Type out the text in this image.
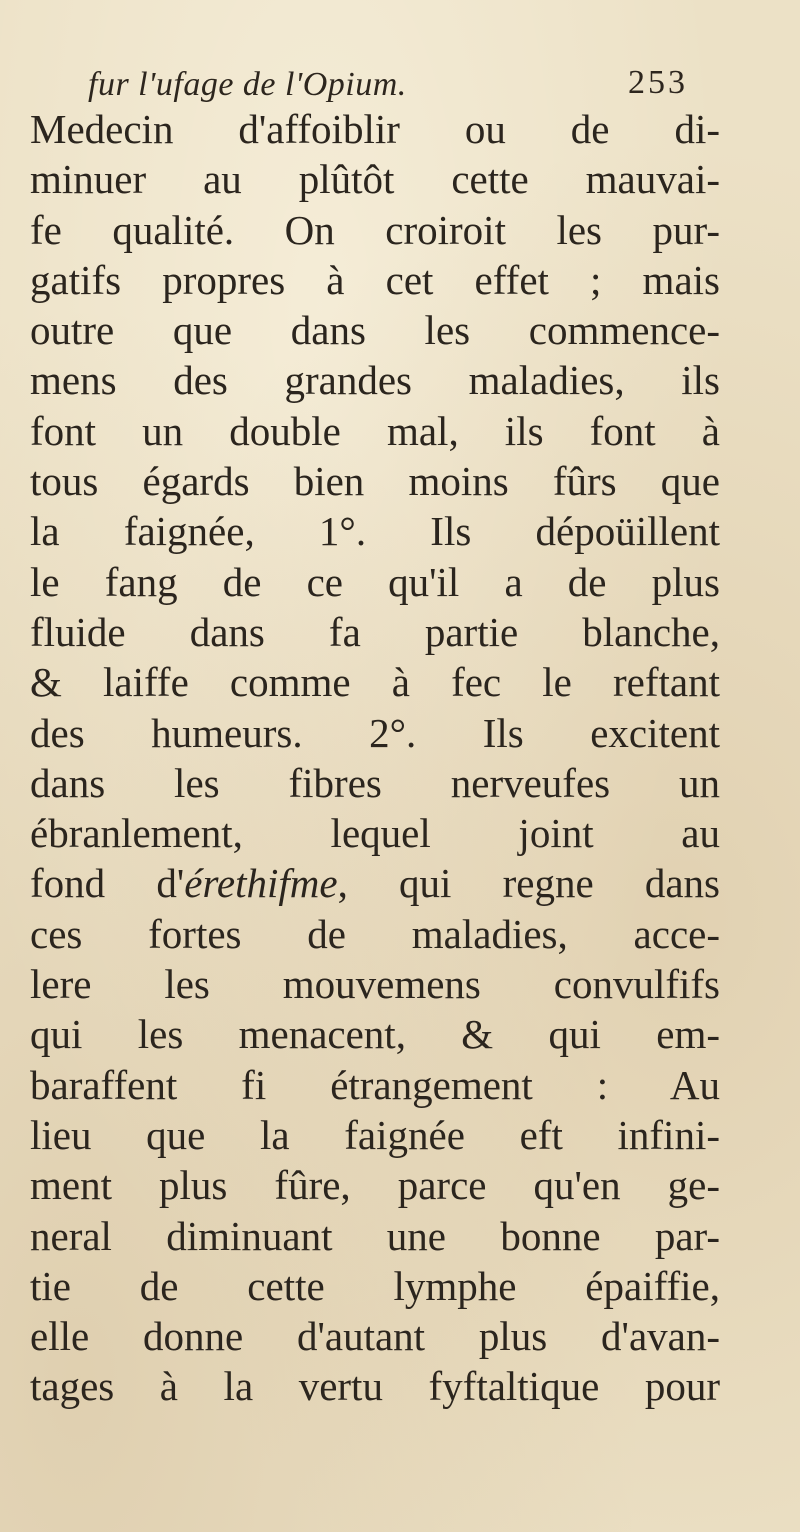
fur l'ufage de l'Opium.	253
Medecin d'affoiblir ou de di-
minuer au plûtôt cette mauvai-
fe qualité. On croiroit les pur-
gatifs propres à cet effet ; mais
outre que dans les commence-
mens des grandes maladies, ils
font un double mal, ils font à
tous égards bien moins fûrs que
la faignée, 1°. Ils dépoüillent
le fang de ce qu'il a de plus
fluide dans fa partie blanche,
& laiffe comme à fec le reftant
des humeurs. 2°. Ils excitent
dans les fibres nerveufes un
ébranlement, lequel joint au
fond d'érethifme, qui regne dans
ces fortes de maladies, acce-
lere les mouvemens convulfifs
qui les menacent, & qui em-
baraffent fi étrangement : Au
lieu que la faignée eft infini-
ment plus fûre, parce qu'en ge-
neral diminuant une bonne par-
tie de cette lymphe épaiffie,
elle donne d'autant plus d'avan-
tages à la vertu fyftaltique pour
